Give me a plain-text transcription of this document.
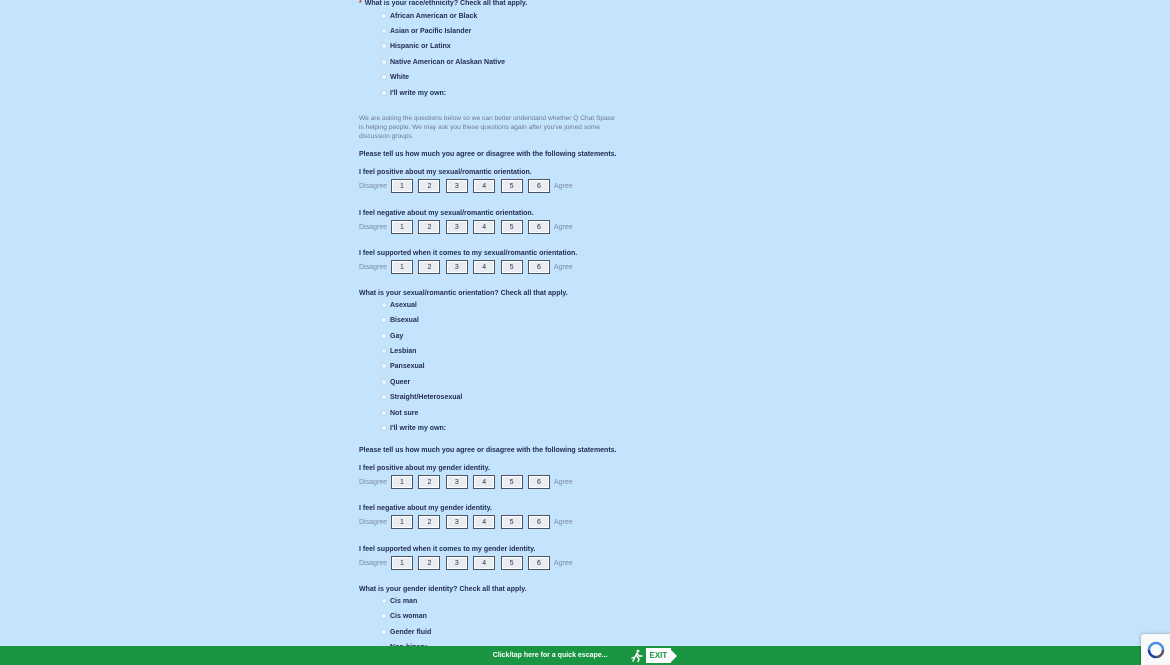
* What is your race/ethnicity? Check all that apply.
African American or Black
Asian or Pacific Islander
Hispanic or Latinx
Native American or Alaskan Native
White
I'll write my own:
We are asking the questions below so we can better understand whether Q Chat Space is helping people. We may ask you these questions again after you've joined some discussion groups.
Please tell us how much you agree or disagree with the following statements.
I feel positive about my sexual/romantic orientation.
Disagree	1	2	3	4	5	6	Agree
I feel negative about my sexual/romantic orientation.
Disagree	1	2	3	4	5	6	Agree
I feel supported when it comes to my sexual/romantic orientation.
Disagree	1	2	3	4	5	6	Agree
What is your sexual/romantic orientation? Check all that apply.
Asexual
Bisexual
Gay
Lesbian
Pansexual
Queer
Straight/Heterosexual
Not sure
I'll write my own:
Please tell us how much you agree or disagree with the following statements.
I feel positive about my gender identity.
Disagree	1	2	3	4	5	6	Agree
I feel negative about my gender identity.
Disagree	1	2	3	4	5	6	Agree
I feel supported when it comes to my gender identity.
Disagree	1	2	3	4	5	6	Agree
What is your gender identity? Check all that apply.
Cis man
Cis woman
Gender fluid
Click/tap here for a quick escape...	EXIT
